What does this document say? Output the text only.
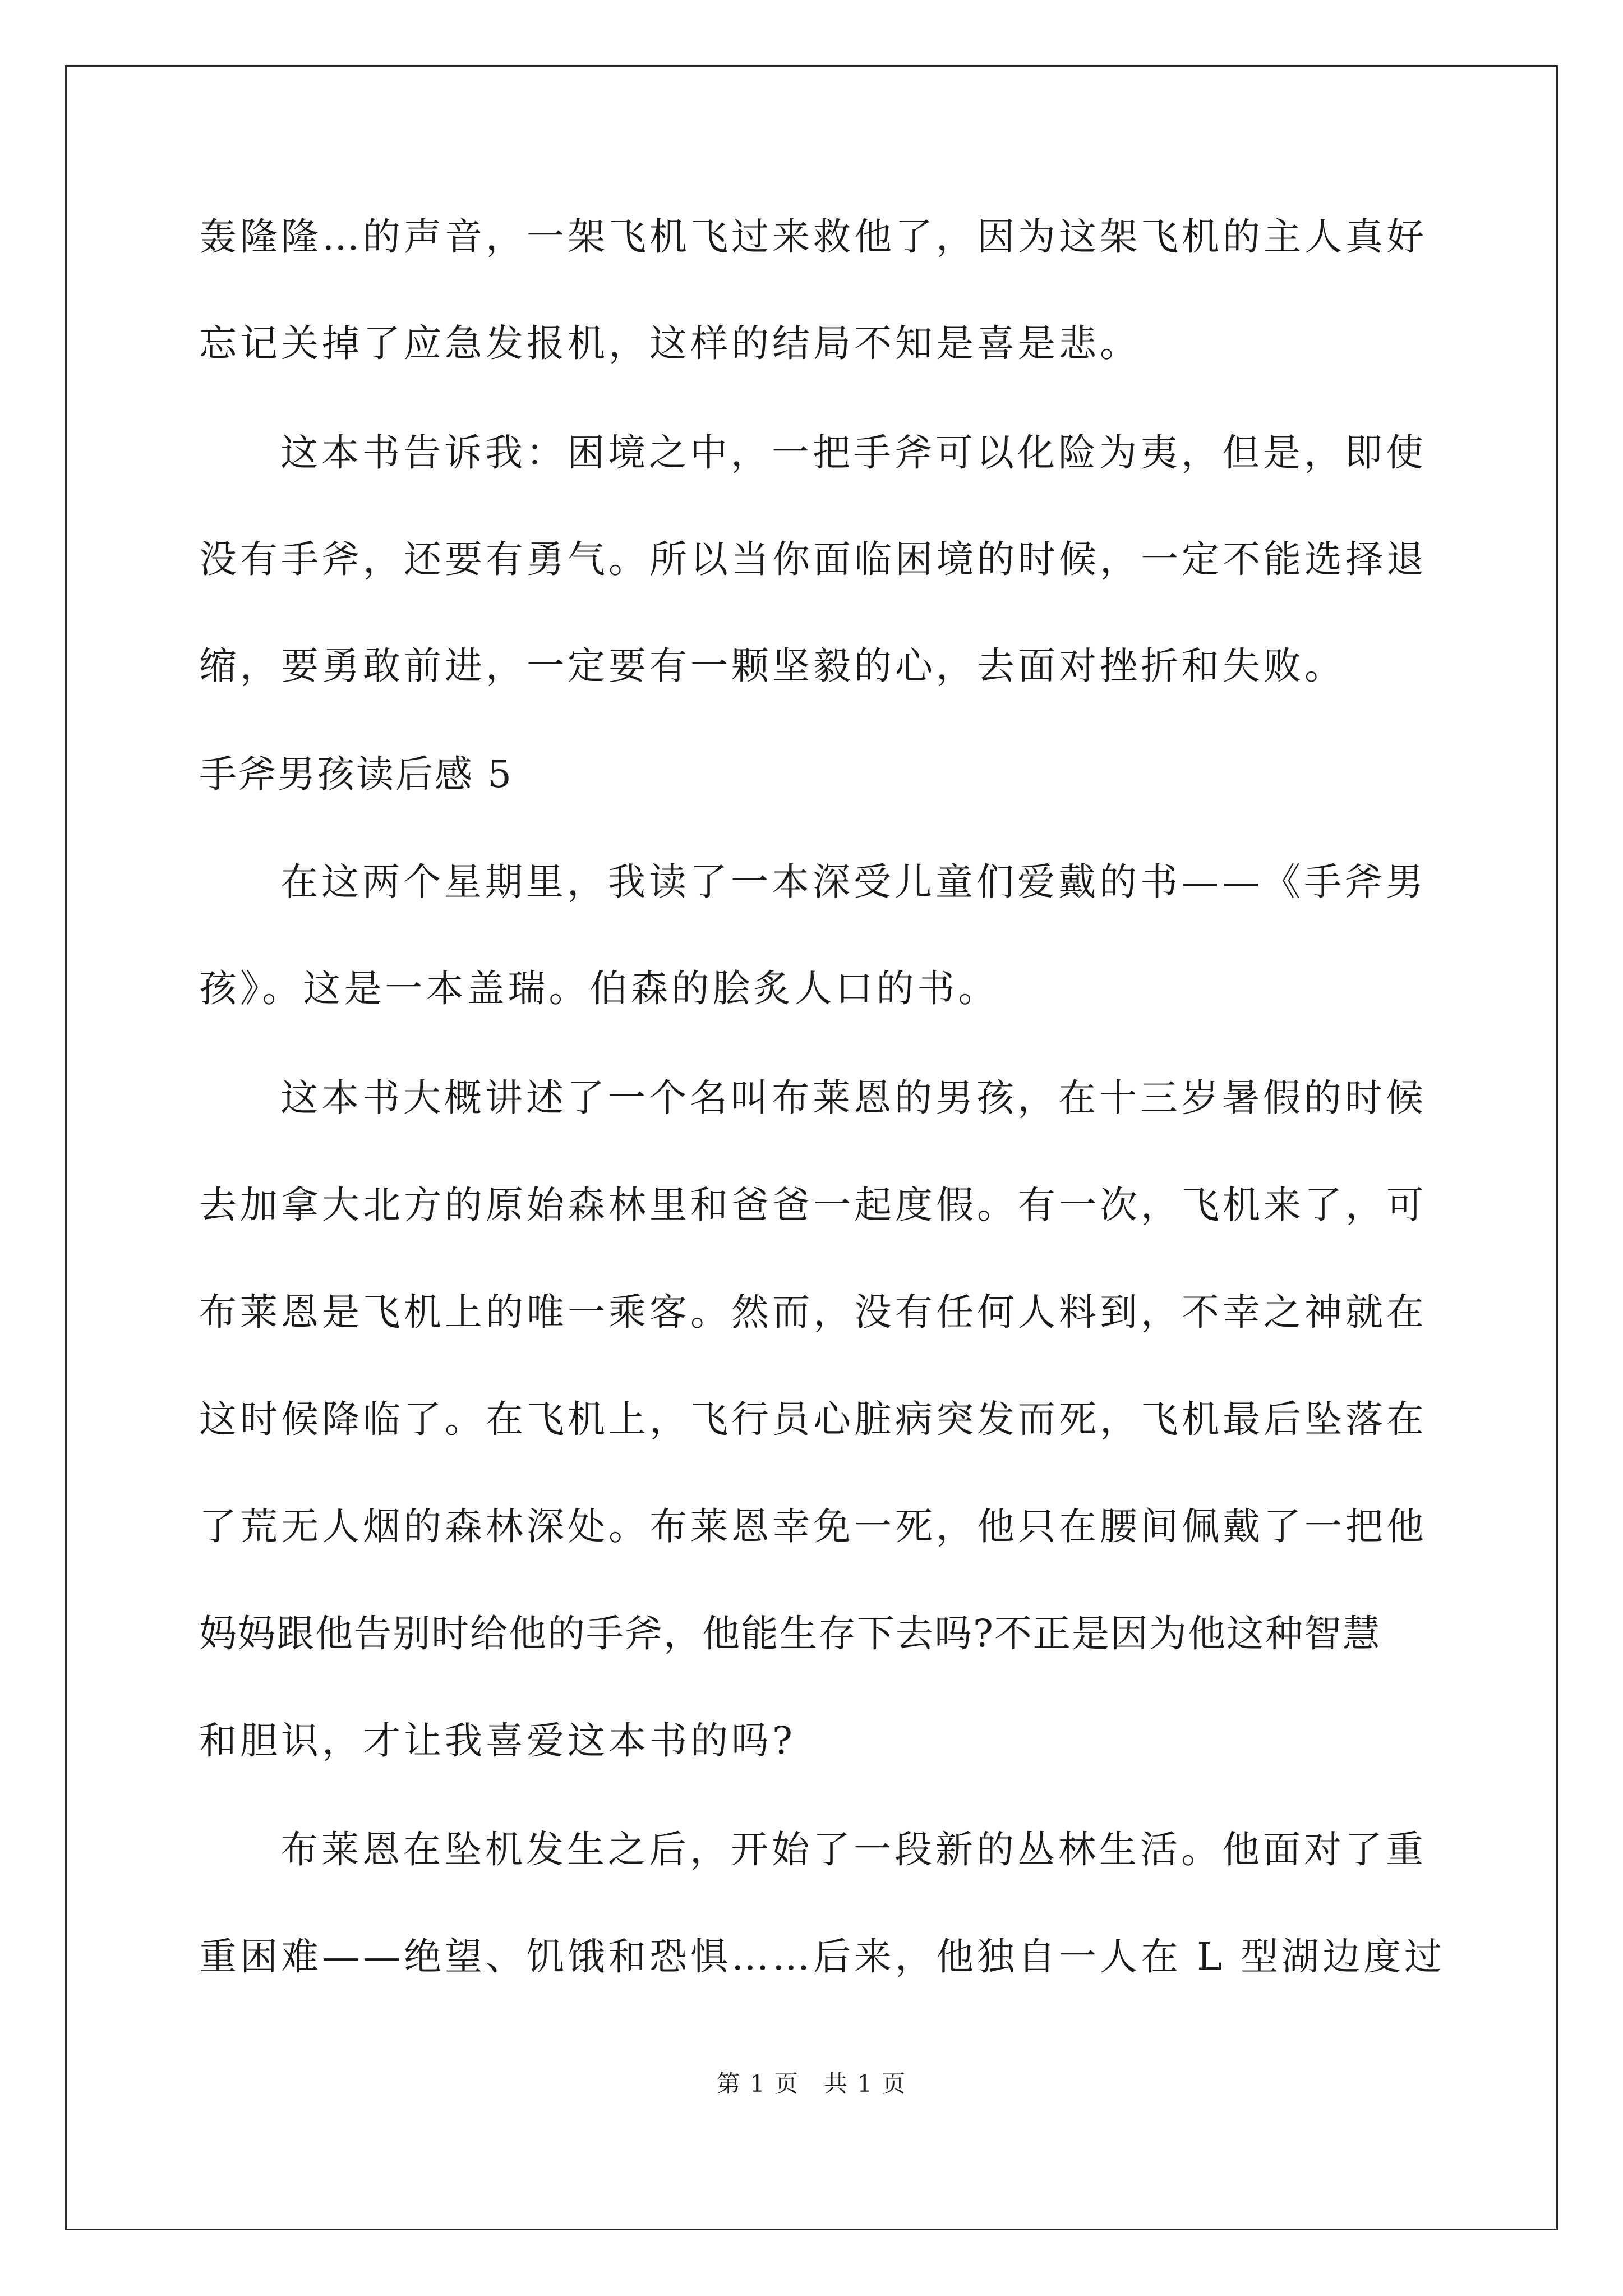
轰隆隆…的声音，一架飞机飞过来救他了，因为这架飞机的主人真好
忘记关掉了应急发报机，这样的结局不知是喜是悲。
这本书告诉我：困境之中，一把手斧可以化险为夷，但是，即使
没有手斧，还要有勇气。所以当你面临困境的时候，一定不能选择退
缩，要勇敢前进，一定要有一颗坚毅的心，去面对挫折和失败。
手斧男孩读后感 5
在这两个星期里，我读了一本深受儿童们爱戴的书——《手斧男
孩》。这是一本盖瑞。伯森的脍炙人口的书。
这本书大概讲述了一个名叫布莱恩的男孩，在十三岁暑假的时候
去加拿大北方的原始森林里和爸爸一起度假。有一次，飞机来了，可
布莱恩是飞机上的唯一乘客。然而，没有任何人料到，不幸之神就在
这时候降临了。在飞机上，飞行员心脏病突发而死，飞机最后坠落在
了荒无人烟的森林深处。布莱恩幸免一死，他只在腰间佩戴了一把他
妈妈跟他告别时给他的手斧，他能生存下去吗?不正是因为他这种智慧
和胆识，才让我喜爱这本书的吗?
布莱恩在坠机发生之后，开始了一段新的丛林生活。他面对了重
重困难——绝望、饥饿和恐惧……后来，他独自一人在 L 型湖边度过
第 1 页　共 1 页
